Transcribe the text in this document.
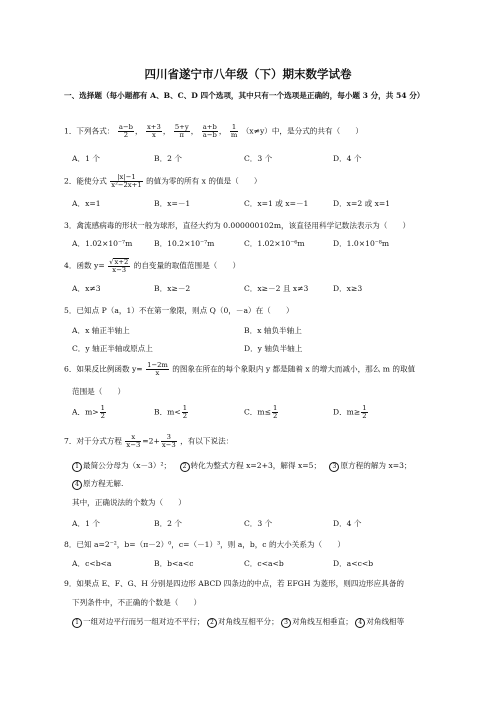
四川省遂宁市八年级（下）期末数学试卷
一、选择题（每小题都有 A、B、C、D 四个选项，其中只有一个选项是正确的，每小题 3 分，共 54 分）
1．下列各式： $\frac{a-b}{2}$ ， $\frac{x+3}{x}$ ， $\frac{5+y}{\pi}$ ， $\frac{a+b}{a-b}$ ， $\frac{1}{m} (x\ne y)$中，是分式的共有（　　）
A．1 个	B．2 个	C．3 个	D．4 个
2．能使分式 $\frac{|x|-1}{\text{x²−2x+1}}$ 的值为零的所有 x 的值是（　　）
A．x=1	B．x=－1	C．x=1 或 x=－1	D．x=2 或 x=1
3．禽流感病毒的形状一般为球形，直径大约为 0.000000102m，该直径用科学记数法表示为（　　）
A．1.02×10⁻⁷m	B．10.2×10⁻⁷m	C．1.02×10⁻⁶m	D．1.0×10⁻⁸m
4．函数 $y= \frac{√x+2}{x-3}$ 的自变量的取值范围是（　　）
A．x≠3	B．x≥－2	C．x≥－2 且 x≠3	D．x≥3
5．已知点 P（a，1）不在第一象限，则点 Q（0，－a）在（　　）
A．x 轴正半轴上	B．x 轴负半轴上
C．y 轴正半轴或原点上	D．y 轴负半轴上
6．如果反比例函数 $y= \frac{1-2m}{x}$ 的图象在所在的每个象限内 y 都是随着 x 的增大而减小，那么 m 的取值
范围是（　　）
A．$m> \frac{1}{2}$	B．$m< \frac{1}{2}$	C．$m\le \frac{1}{2}$	D．$m\ge \frac{1}{2}$
7．对于分式方程 $\frac{x}{x-3} =2+ \frac{3}{x-3}$ ，有以下说法：
1 最简公分母为（x－3）²； 2 转化为整式方程 x=2+3，解得 x=5； 3 原方程的解为 x=3；
4 原方程无解.
其中，正确说法的个数为（　　）
A．1 个	B．2 个	C．3 个	D．4 个
8．已知 a=2⁻²，b=（π－2）⁰，c=（－1）³，则 a，b，c 的大小关系为（　　）
A．c<b<a	B．b<a<c	C．c<a<b	D．a<c<b
9．如果点 E、F、G、H 分别是四边形 ABCD 四条边的中点，若 EFGH 为菱形，则四边形应具备的
下列条件中，不正确的个数是（　　）
1 一组对边平行而另一组对边不平行； 2 对角线互相平分； 3 对角线互相垂直； 4 对角线相等
